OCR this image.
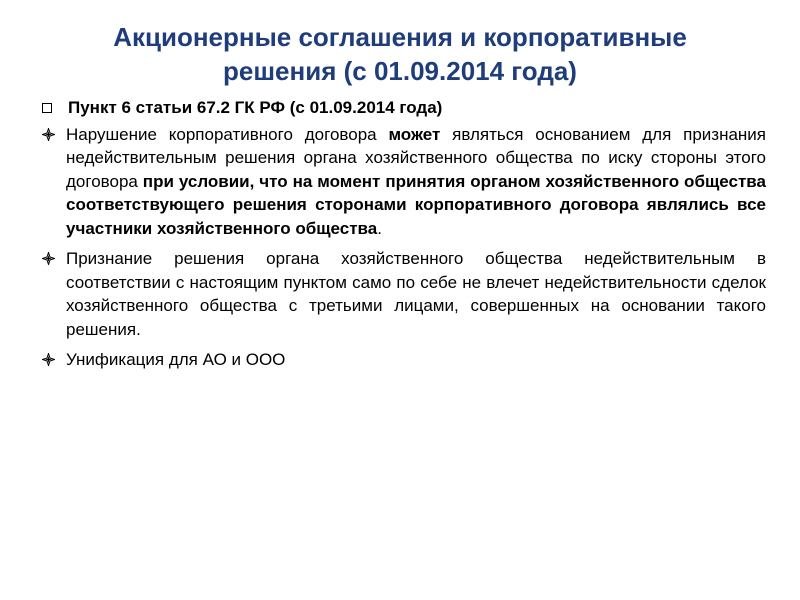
Акционерные соглашения и корпоративные
решения (с 01.09.2014 года)
Пункт 6 статьи 67.2 ГК РФ (с 01.09.2014 года)
Нарушение корпоративного договора может являться основанием для признания недействительным решения органа хозяйственного общества по иску стороны этого договора при условии, что на момент принятия органом хозяйственного общества соответствующего решения сторонами корпоративного договора являлись все участники хозяйственного общества.
Признание решения органа хозяйственного общества недействительным в соответствии с настоящим пунктом само по себе не влечет недействительности сделок хозяйственного общества с третьими лицами, совершенных на основании такого решения.
Унификация для АО и ООО
